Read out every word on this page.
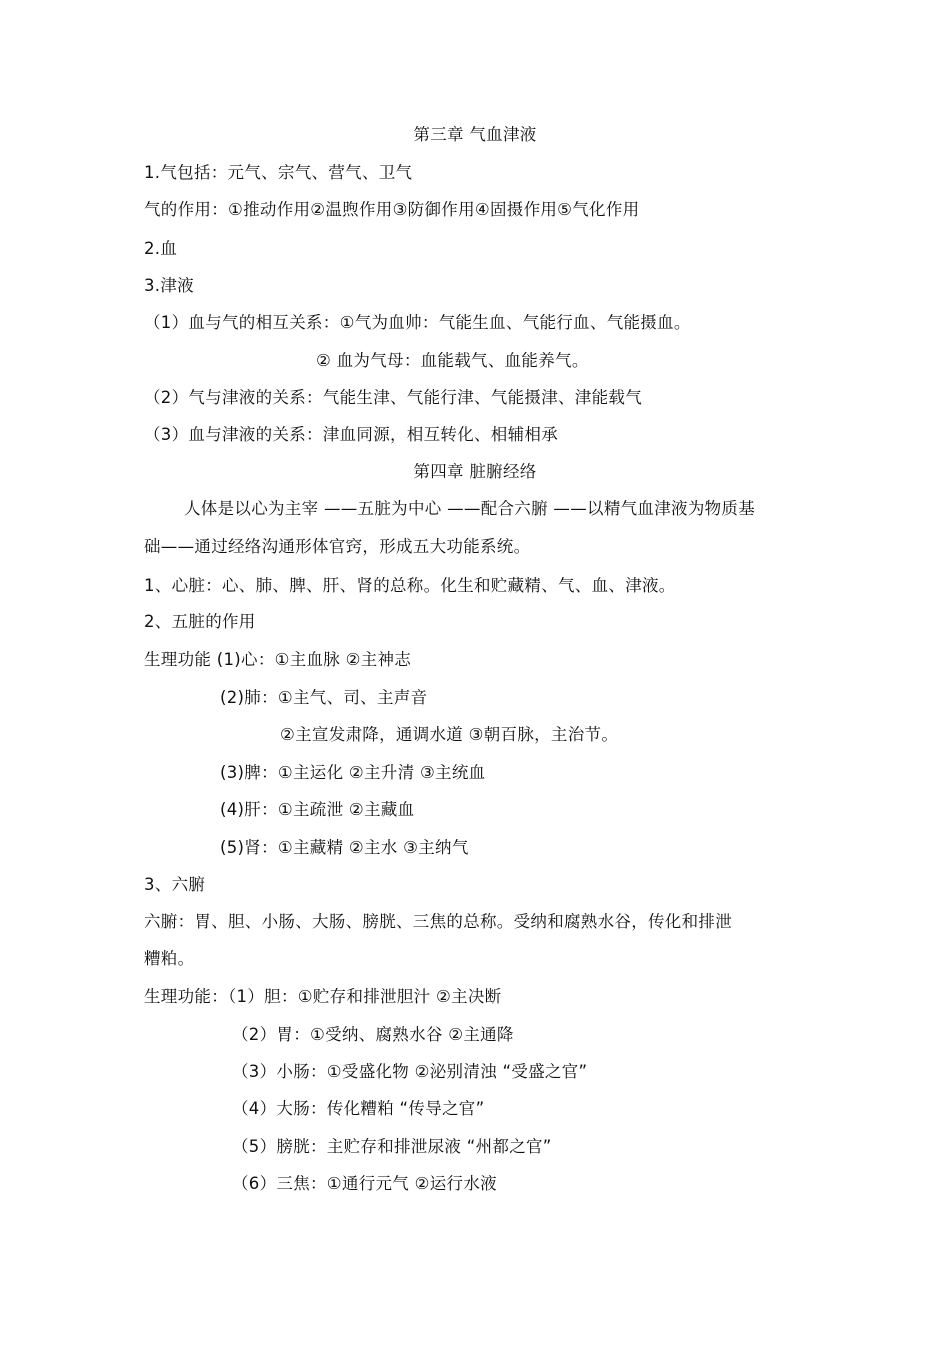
第三章 气血津液

1.气包括：元气、宗气、营气、卫气

气的作用：①推动作用②温煦作用③防御作用④固摄作用⑤气化作用

2.血

3.津液

（1）血与气的相互关系：①气为血帅：气能生血、气能行血、气能摄血。

② 血为气母：血能载气、血能养气。

（2）气与津液的关系：气能生津、气能行津、气能摄津、津能载气

（3）血与津液的关系：津血同源，相互转化、相辅相承

第四章 脏腑经络

人体是以心为主宰 ——五脏为中心 ——配合六腑 ——以精气血津液为物质基

础——通过经络沟通形体官窍，形成五大功能系统。

1、心脏：心、肺、脾、肝、肾的总称。化生和贮藏精、气、血、津液。

2、五脏的作用

生理功能 (1)心：①主血脉 ②主神志

(2)肺：①主气、司、主声音

②主宣发肃降，通调水道 ③朝百脉，主治节。

(3)脾：①主运化 ②主升清 ③主统血

(4)肝：①主疏泄 ②主藏血

(5)肾：①主藏精 ②主水 ③主纳气

3、六腑

六腑：胃、胆、小肠、大肠、膀胱、三焦的总称。受纳和腐熟水谷，传化和排泄

糟粕。

生理功能：（1）胆：①贮存和排泄胆汁 ②主决断

（2）胃：①受纳、腐熟水谷 ②主通降

（3）小肠：①受盛化物 ②泌别清浊 “受盛之官”

（4）大肠：传化糟粕 “传导之官”

（5）膀胱：主贮存和排泄尿液 “州都之官”

（6）三焦：①通行元气 ②运行水液
